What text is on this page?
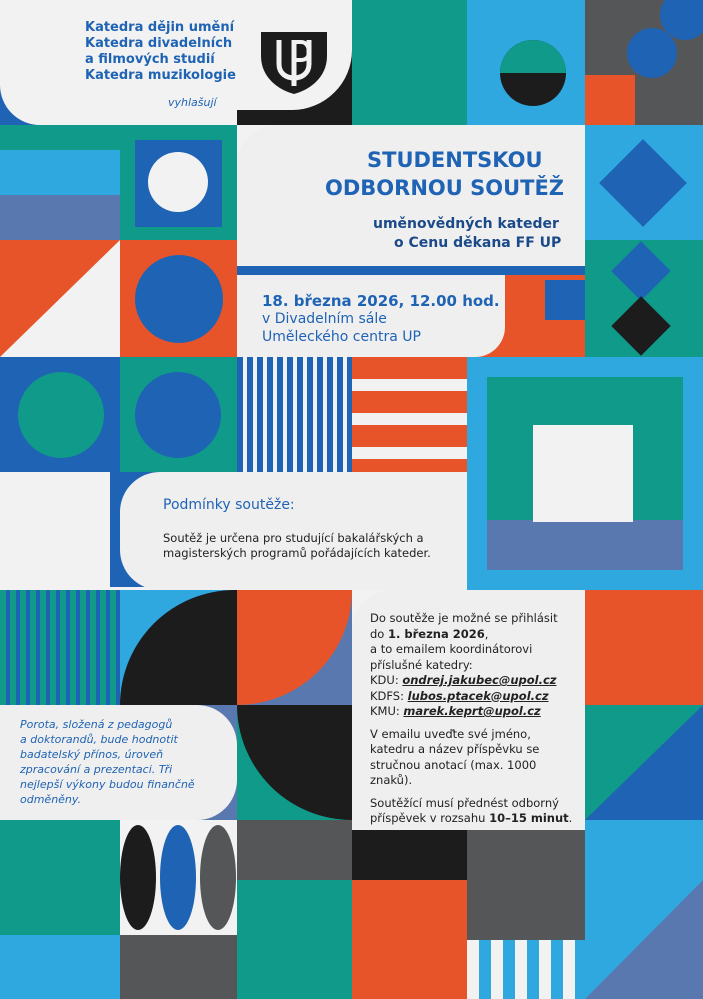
Katedra dějin umění
Katedra divadelních
a filmových studií
Katedra muzikologie
vyhlašují
STUDENTSKOU
ODBORNOU SOUTĚŽ
uměnovědných kateder
o Cenu děkana FF UP
18. března 2026, 12.00 hod.
v Divadelním sále
Uměleckého centra UP
Podmínky soutěže:
Soutěž je určena pro studující bakalářských a
magisterských programů pořádajících kateder.
Porota, složená z pedagogů
a doktorandů, bude hodnotit
badatelský přínos, úroveň
zpracování a prezentaci. Tři
nejlepší výkony budou finančně
odměněny.
Do soutěže je možné se přihlásit
do 1. března 2026,
a to emailem koordinátorovi
příslušné katedry:
KDU: ondrej.jakubec@upol.cz
KDFS: lubos.ptacek@upol.cz
KMU: marek.keprt@upol.cz
V emailu uveďte své jméno,
katedru a název příspěvku se
stručnou anotací (max. 1000
znaků).
Soutěžící musí přednést odborný
příspěvek v rozsahu 10–15 minut.
